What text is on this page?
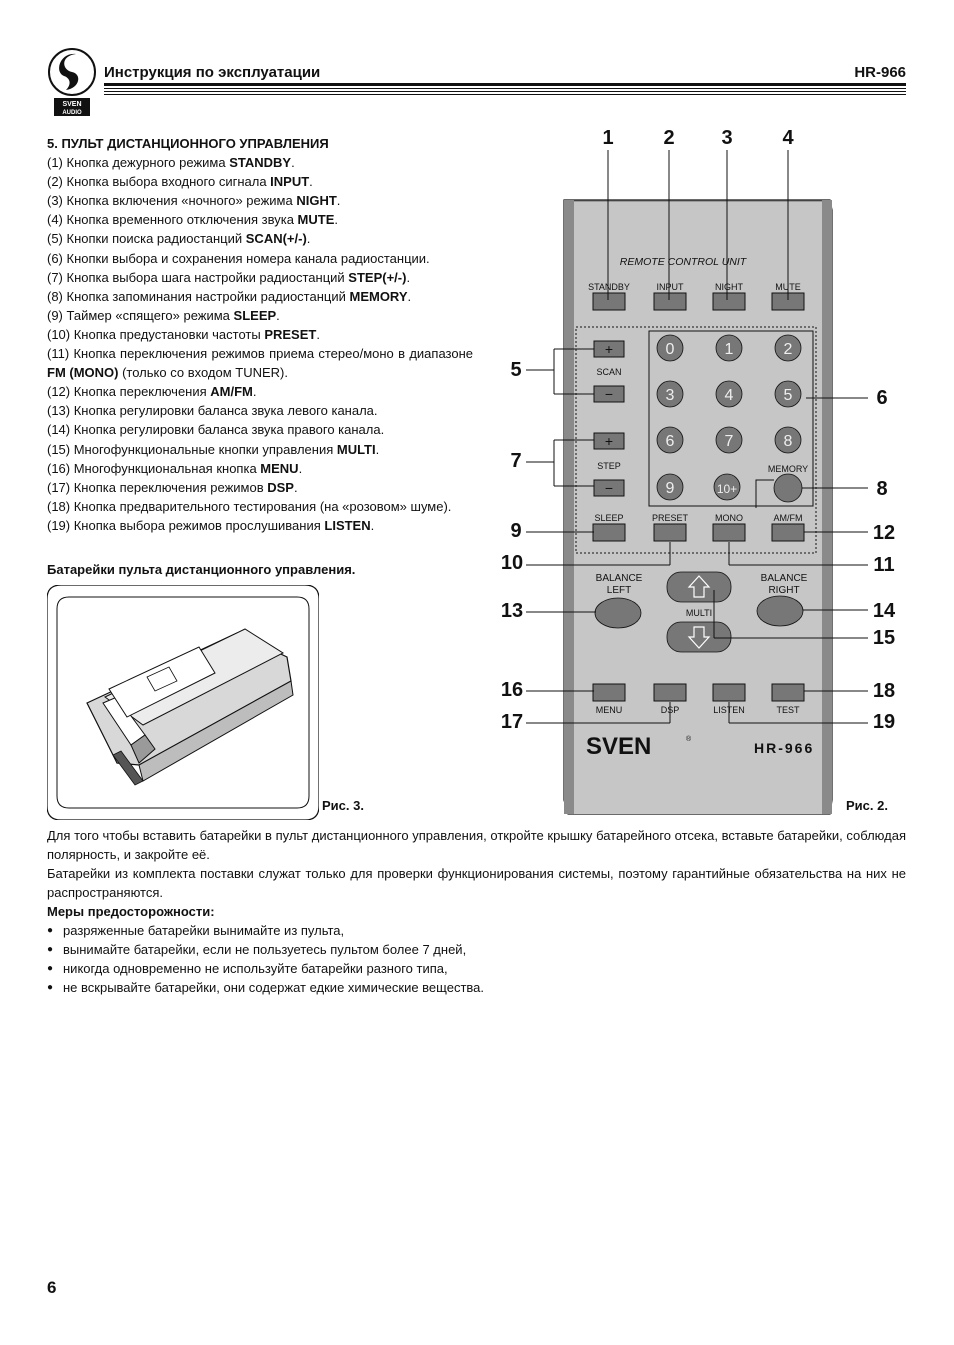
SVEN
AUDIO
Инструкция по эксплуатации	HR-966
5. ПУЛЬТ ДИСТАНЦИОННОГО УПРАВЛЕНИЯ
(1) Кнопка дежурного режима STANDBY.
(2) Кнопка выбора входного сигнала INPUT.
(3) Кнопка включения «ночного» режима NIGHT.
(4) Кнопка временного отключения звука MUTE.
(5) Кнопки поиска радиостанций SCAN(+/-).
(6) Кнопки выбора и сохранения номера канала радиостанции.
(7) Кнопка выбора шага настройки радиостанций STEP(+/-).
(8) Кнопка запоминания настройки радиостанций MEMORY.
(9) Таймер «спящего» режима SLEEP.
(10) Кнопка предустановки частоты PRESET.
(11) Кнопка переключения режимов приема стерео/моно в диапазоне FM (MONO) (только со входом TUNER).
(12) Кнопка переключения AM/FM.
(13) Кнопка регулировки баланса звука левого канала.
(14) Кнопка регулировки баланса звука правого канала.
(15) Многофункциональные кнопки управления MULTI.
(16) Многофункциональная кнопка MENU.
(17) Кнопка переключения режимов DSP.
(18) Кнопка предварительного тестирования (на «розовом» шуме).
(19) Кнопка выбора режимов прослушивания LISTEN.
Батарейки пульта дистанционного управления.
Рис. 3.
REMOTE CONTROL UNIT
STANDBY	INPUT	NIGHT	MUTE
1 2 3 4
+
SCAN
−
+
STEP
−
0	1	2
3	4	5
6	7	8
9	10+
MEMORY
SLEEP	PRESET	MONO	AM/FM
BALANCE
LEFT
BALANCE
RIGHT
MULTI
MENU	DSP	LISTEN	TEST
SVEN	®
HR-966
5
7
9
10
13
16
17
6
8
12
11
14
15
18
19
Рис. 2.

Для того чтобы вставить батарейки в пульт дистанционного управления, откройте крышку батарейного отсека, вставьте батарейки, соблюдая полярность, и закройте её.

Батарейки из комплекта поставки служат только для проверки функционирования системы, поэтому гарантийные обязательства на них не распространяются.

Меры предосторожности:

● разряженные батарейки вынимайте из пульта,
● вынимайте батарейки, если не пользуетесь пультом более 7 дней,
● никогда одновременно не используйте батарейки разного типа,
● не вскрывайте батарейки, они содержат едкие химические вещества.
6
